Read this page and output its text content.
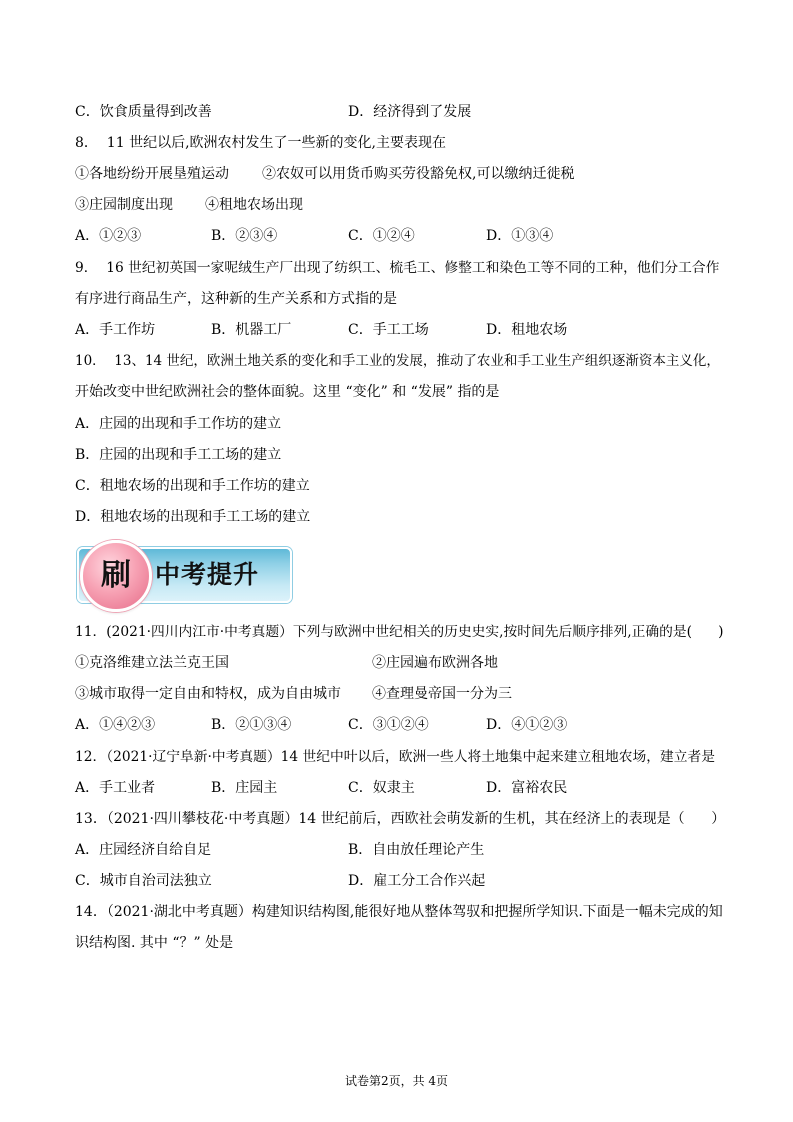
C．饮食质量得到改善	D．经济得到了发展
8．  11 世纪以后,欧洲农村发生了一些新的变化,主要表现在
①各地纷纷开展垦殖运动 ②农奴可以用货币购买劳役豁免权,可以缴纳迁徙税
③庄园制度出现 ④租地农场出现
A．①②③	B．②③④	C．①②④	D．①③④
9．  16 世纪初英国一家呢绒生产厂出现了纺织工、梳毛工、修整工和染色工等不同的工种，他们分工合作
有序进行商品生产，这种新的生产关系和方式指的是
A．手工作坊	B．机器工厂	C．手工工场	D．租地农场
10．  13、14 世纪，欧洲土地关系的变化和手工业的发展，推动了农业和手工业生产组织逐渐资本主义化，
开始改变中世纪欧洲社会的整体面貌。这里 “变化” 和 “发展” 指的是
A．庄园的出现和手工作坊的建立
B．庄园的出现和手工工场的建立
C．租地农场的出现和手工作坊的建立
D．租地农场的出现和手工工场的建立
中考提升
刷
11．(2021·四川内江市·中考真题）下列与欧洲中世纪相关的历史史实,按时间先后顺序排列,正确的是(      )
①克洛维建立法兰克王国	②庄园遍布欧洲各地
③城市取得一定自由和特权，成为自由城市 ④查理曼帝国一分为三
A．①④②③	B．②①③④	C．③①②④	D．④①②③
12．（2021·辽宁阜新·中考真题）14 世纪中叶以后，欧洲一些人将土地集中起来建立租地农场，建立者是
A．手工业者	B．庄园主	C．奴隶主	D．富裕农民
13．（2021·四川攀枝花·中考真题）14 世纪前后，西欧社会萌发新的生机，其在经济上的表现是（      ）
A．庄园经济自给自足	B．自由放任理论产生
C．城市自治司法独立	D．雇工分工合作兴起
14．（2021·湖北中考真题）构建知识结构图,能很好地从整体驾驭和把握所学知识.下面是一幅未完成的知
识结构图. 其中 “？” 处是
试卷第2页，共 4页
